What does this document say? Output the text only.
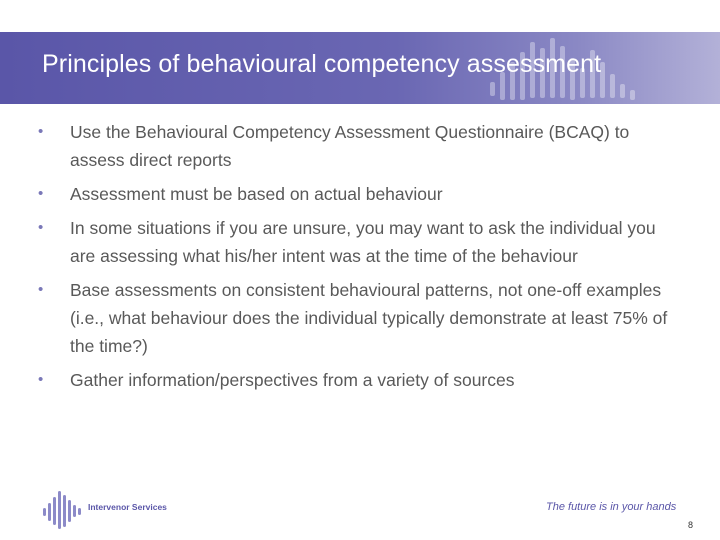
Principles of behavioural competency assessment
•	Use the Behavioural Competency Assessment Questionnaire (BCAQ) to assess direct reports
•	Assessment must be based on actual behaviour
•	In some situations if you are unsure, you may want to ask the individual you are assessing what his/her intent was at the time of the behaviour
•	Base assessments on consistent behavioural patterns, not one-off examples (i.e., what behaviour does the individual typically demonstrate at least 75% of the time?)
•	Gather information/perspectives from a variety of sources
Intervenor Services	The future is in your hands
8
